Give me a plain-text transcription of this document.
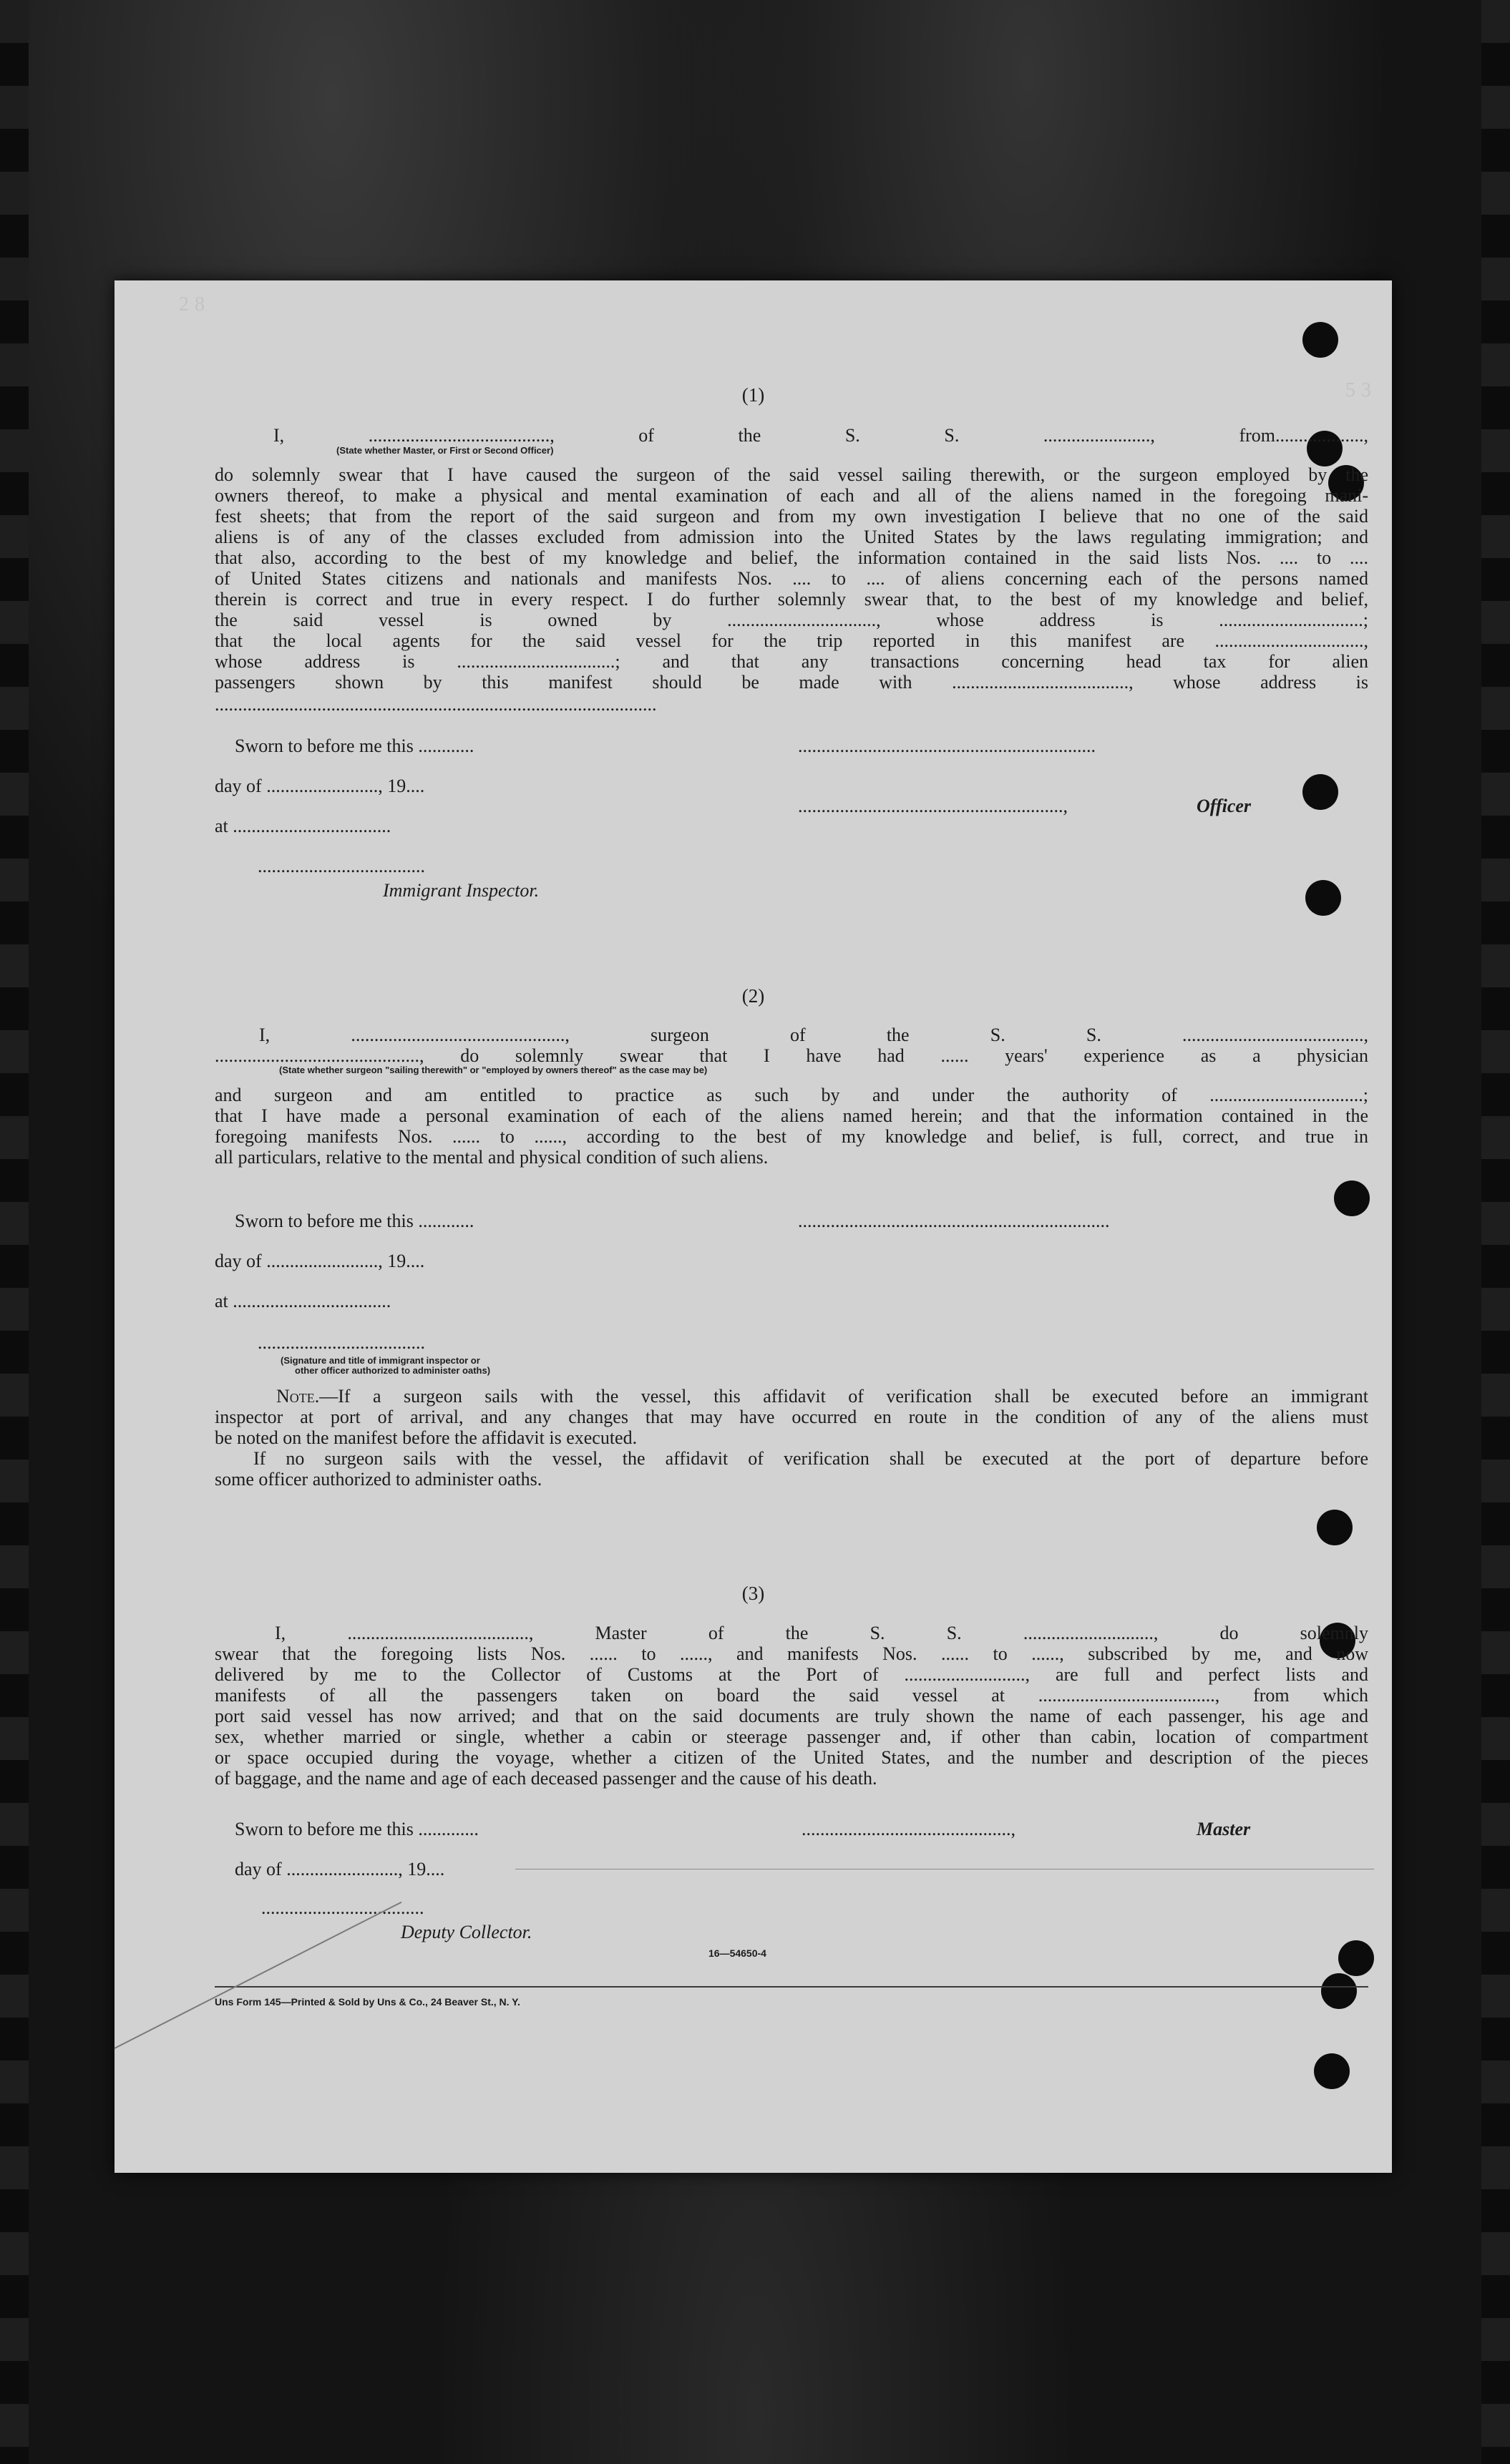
28
53
(1)
I, ......................................., of the S. S. ......................., from...................,
(State whether Master, or First or Second Officer)
do solemnly swear that I have caused the surgeon of the said vessel sailing therewith, or the surgeon employed by the
owners thereof, to make a physical and mental examination of each and all of the aliens named in the foregoing mani-
fest sheets; that from the report of the said surgeon and from my own investigation I believe that no one of the said
aliens is of any of the classes excluded from admission into the United States by the laws regulating immigration; and
that also, according to the best of my knowledge and belief, the information contained in the said lists Nos. .... to ....
of United States citizens and nationals and manifests Nos. .... to .... of aliens concerning each of the persons named
therein is correct and true in every respect. I do further solemnly swear that, to the best of my knowledge and belief,
the said vessel is owned by ................................, whose address is ...............................;
that the local agents for the said vessel for the trip reported in this manifest are ................................,
whose address is ..................................; and that any transactions concerning head tax for alien
passengers shown by this manifest should be made with ......................................, whose address is
...............................................................................................
Sworn to before me this ............
day of ........................, 19....
at ..................................
....................................
Immigrant Inspector.
................................................................
.........................................................,	Officer
(2)
I, .............................................., surgeon of the S. S. .......................................,
............................................, do solemnly swear that I have had ...... years' experience as a physician
(State whether surgeon "sailing therewith" or "employed by owners thereof" as the case may be)
and surgeon and am entitled to practice as such by and under the authority of .................................;
that I have made a personal examination of each of the aliens named herein; and that the information contained in the
foregoing manifests Nos. ...... to ......, according to the best of my knowledge and belief, is full, correct, and true in
all particulars, relative to the mental and physical condition of such aliens.
Sworn to before me this ............	...................................................................
day of ........................, 19....
at ..................................
....................................
(Signature and title of immigrant inspector or
other officer authorized to administer oaths)
Note.—If a surgeon sails with the vessel, this affidavit of verification shall be executed before an immigrant
inspector at port of arrival, and any changes that may have occurred en route in the condition of any of the aliens must
be noted on the manifest before the affidavit is executed.
If no surgeon sails with the vessel, the affidavit of verification shall be executed at the port of departure before
some officer authorized to administer oaths.
(3)
I, ......................................., Master of the S. S. ............................, do solemnly
swear that the foregoing lists Nos. ...... to ......, and manifests Nos. ...... to ......, subscribed by me, and now
delivered by me to the Collector of Customs at the Port of .........................., are full and perfect lists and
manifests of all the passengers taken on board the said vessel at ......................................, from which
port said vessel has now arrived; and that on the said documents are truly shown the name of each passenger, his age and
sex, whether married or single, whether a cabin or steerage passenger and, if other than cabin, location of compartment
or space occupied during the voyage, whether a citizen of the United States, and the number and description of the pieces
of baggage, and the name and age of each deceased passenger and the cause of his death.
Sworn to before me this .............	.............................................,	Master
day of ........................, 19....
...................................
Deputy Collector.
16—54650-4
Uns Form 145—Printed & Sold by Uns & Co., 24 Beaver St., N. Y.
